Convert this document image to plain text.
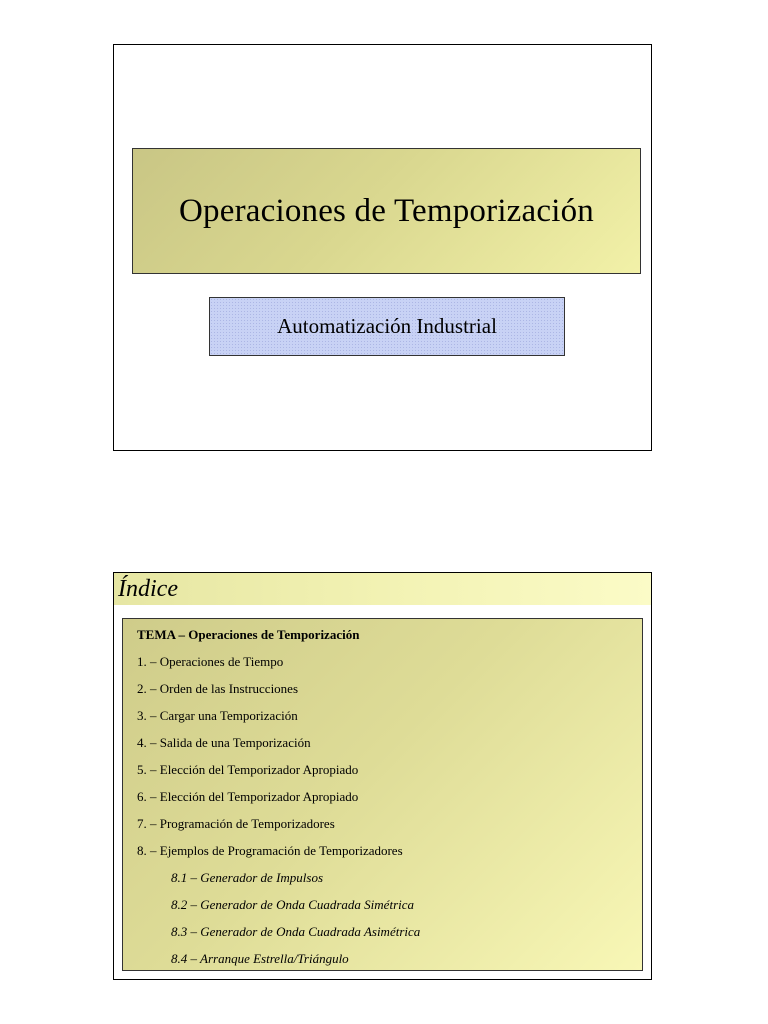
Operaciones de Temporización
Automatización Industrial
Índice
TEMA – Operaciones de Temporización
1. – Operaciones de Tiempo
2. – Orden de las Instrucciones
3. – Cargar una Temporización
4. – Salida de una Temporización
5. – Elección del Temporizador Apropiado
6. – Elección del Temporizador Apropiado
7. – Programación de Temporizadores
8. – Ejemplos de Programación de Temporizadores
8.1 – Generador de Impulsos
8.2 – Generador de Onda Cuadrada Simétrica
8.3 – Generador de Onda Cuadrada Asimétrica
8.4 – Arranque Estrella/Triángulo
